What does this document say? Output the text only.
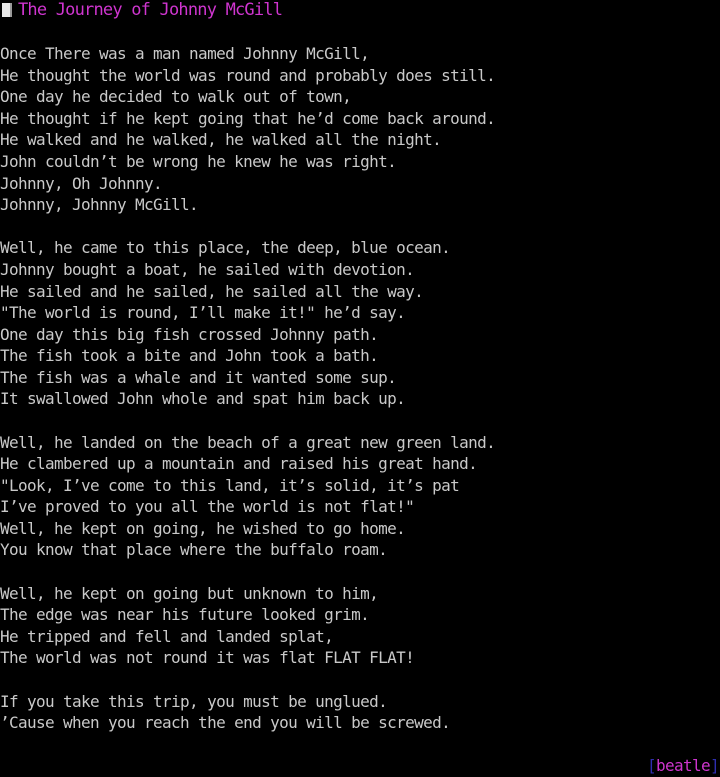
The Journey of Johnny McGill
Once There was a man named Johnny McGill,
He thought the world was round and probably does still.
One day he decided to walk out of town,
He thought if he kept going that he’d come back around.
He walked and he walked, he walked all the night.
John couldn’t be wrong he knew he was right.
Johnny, Oh Johnny.
Johnny, Johnny McGill.
Well, he came to this place, the deep, blue ocean.
Johnny bought a boat, he sailed with devotion.
He sailed and he sailed, he sailed all the way.
"The world is round, I’ll make it!" he’d say.
One day this big fish crossed Johnny path.
The fish took a bite and John took a bath.
The fish was a whale and it wanted some sup.
It swallowed John whole and spat him back up.
Well, he landed on the beach of a great new green land.
He clambered up a mountain and raised his great hand.
"Look, I’ve come to this land, it’s solid, it’s pat
I’ve proved to you all the world is not flat!"
Well, he kept on going, he wished to go home.
You know that place where the buffalo roam.
Well, he kept on going but unknown to him,
The edge was near his future looked grim.
He tripped and fell and landed splat,
The world was not round it was flat FLAT FLAT!
If you take this trip, you must be unglued.
’Cause when you reach the end you will be screwed.
[beatle]
